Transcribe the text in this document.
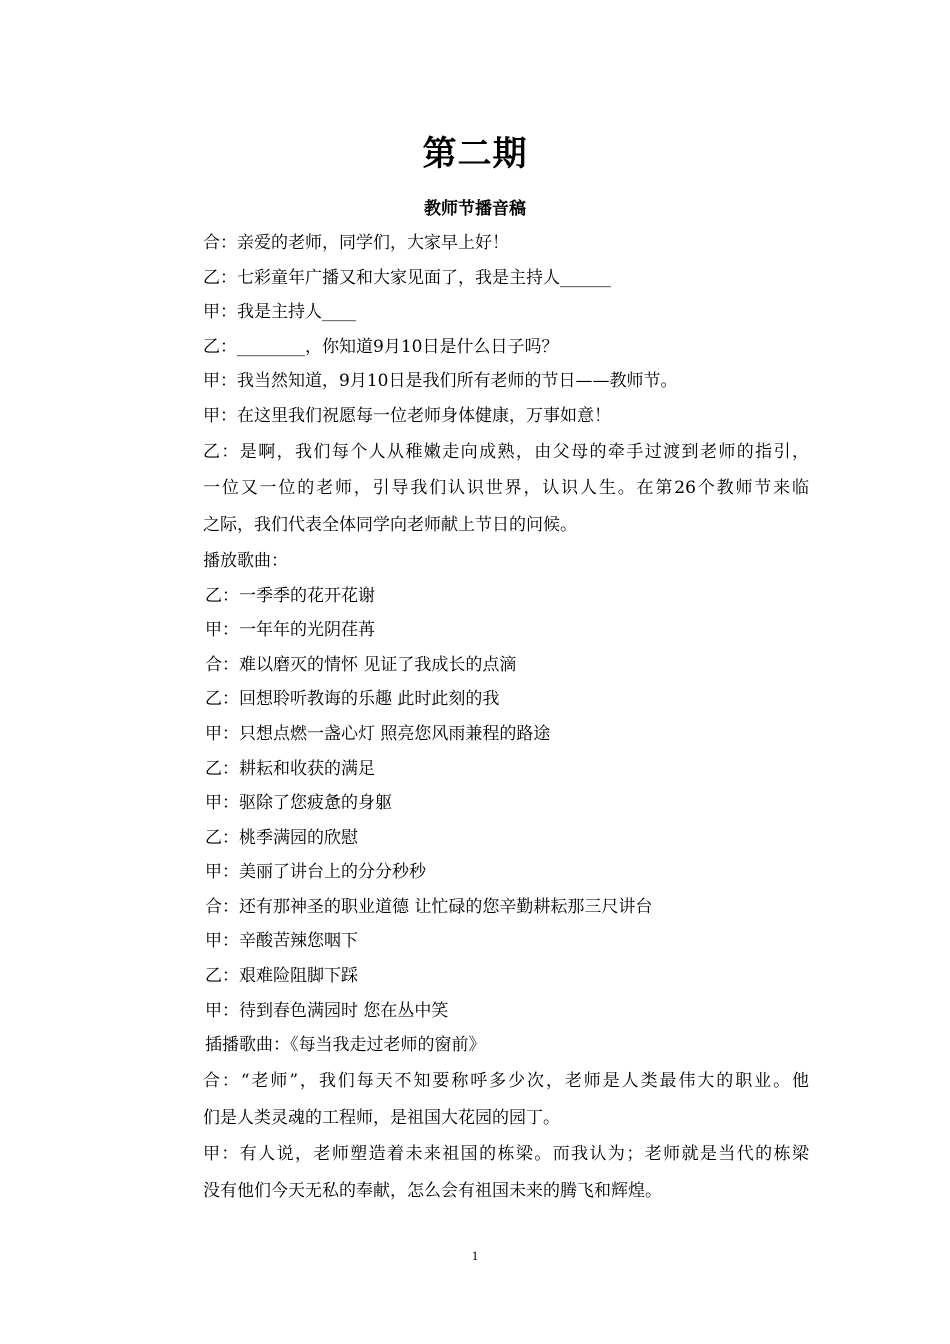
第二期
教师节播音稿
合：亲爱的老师，同学们，大家早上好！
乙：七彩童年广播又和大家见面了，我是主持人______
甲：我是主持人____
乙：________，你知道9月10日是什么日子吗？
甲：我当然知道，9月10日是我们所有老师的节日——教师节。
甲：在这里我们祝愿每一位老师身体健康，万事如意！
乙：是啊，我们每个人从稚嫩走向成熟，由父母的牵手过渡到老师的指引，
一位又一位的老师，引导我们认识世界，认识人生。在第26个教师节来临
之际，我们代表全体同学向老师献上节日的问候。
播放歌曲：
乙：一季季的花开花谢
甲：一年年的光阴荏苒
合：难以磨灭的情怀 见证了我成长的点滴
乙：回想聆听教诲的乐趣 此时此刻的我
甲：只想点燃一盏心灯 照亮您风雨兼程的路途
乙：耕耘和收获的满足
甲：驱除了您疲惫的身躯
乙：桃季满园的欣慰
甲：美丽了讲台上的分分秒秒
合：还有那神圣的职业道德 让忙碌的您辛勤耕耘那三尺讲台
甲：辛酸苦辣您咽下
乙：艰难险阻脚下踩
甲：待到春色满园时 您在丛中笑
插播歌曲：《每当我走过老师的窗前》
合：“老师”，我们每天不知要称呼多少次，老师是人类最伟大的职业。他
们是人类灵魂的工程师，是祖国大花园的园丁。
甲：有人说，老师塑造着未来祖国的栋梁。而我认为；老师就是当代的栋梁
没有他们今天无私的奉献，怎么会有祖国未来的腾飞和辉煌。
1
